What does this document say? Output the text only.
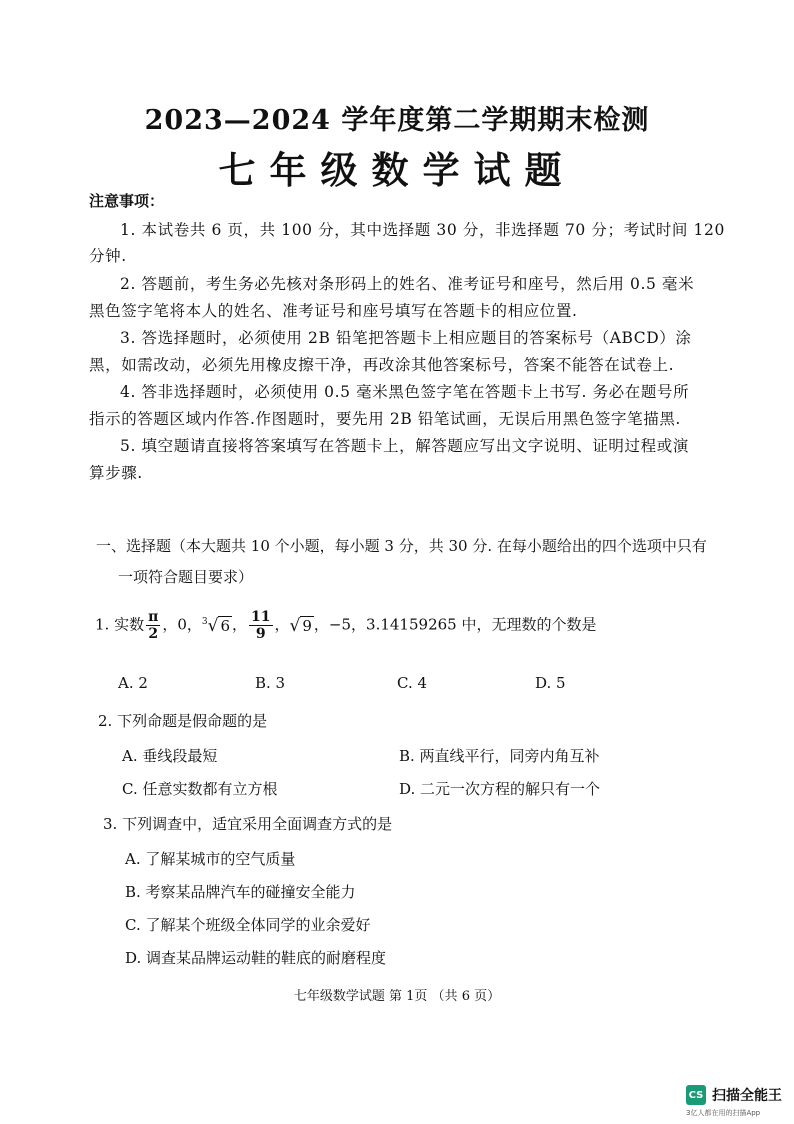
2023—2024 学年度第二学期期末检测
七年级数学试题
注意事项：
1. 本试卷共 6 页，共 100 分，其中选择题 30 分，非选择题 70 分；考试时间 120
分钟.
2. 答题前，考生务必先核对条形码上的姓名、准考证号和座号，然后用 0.5 毫米
黑色签字笔将本人的姓名、准考证号和座号填写在答题卡的相应位置.
3. 答选择题时，必须使用 2B 铅笔把答题卡上相应题目的答案标号（ABCD）涂
黑，如需改动，必须先用橡皮擦干净，再改涂其他答案标号，答案不能答在试卷上.
4. 答非选择题时，必须使用 0.5 毫米黑色签字笔在答题卡上书写. 务必在题号所
指示的答题区域内作答.作图题时，要先用 2B 铅笔试画，无误后用黑色签字笔描黑.
5. 填空题请直接将答案填写在答题卡上，解答题应写出文字说明、证明过程或演
算步骤.
一、选择题（本大题共 10 个小题，每小题 3 分，共 30 分. 在每小题给出的四个选项中只有
一项符合题目要求）
1. 实数 $\frac{\pi}{2}$ ，0，$^3$√ 6 ， $\frac{11}{9}$ ，√ 9 ，−5，3.14159265 中，无理数的个数是
A. 2	B. 3	C. 4	D. 5
2. 下列命题是假命题的是
A. 垂线段最短	B. 两直线平行，同旁内角互补
C. 任意实数都有立方根	D. 二元一次方程的解只有一个
3. 下列调查中，适宜采用全面调查方式的是
A. 了解某城市的空气质量
B. 考察某品牌汽车的碰撞安全能力
C. 了解某个班级全体同学的业余爱好
D. 调查某品牌运动鞋的鞋底的耐磨程度
七年级数学试题 第 1页 （共 6 页）
CS 扫描全能王
3亿人都在用的扫描App
